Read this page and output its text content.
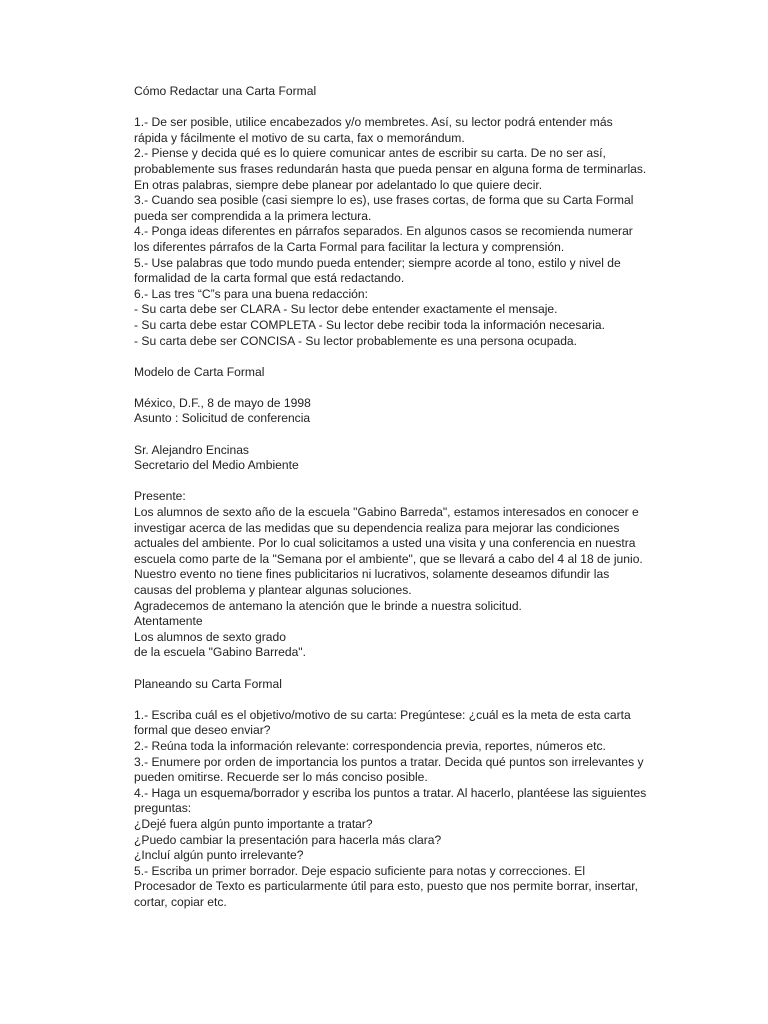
Cómo Redactar una Carta Formal
1.- De ser posible, utilice encabezados y/o membretes. Así, su lector podrá entender más
rápida y fácilmente el motivo de su carta, fax o memorándum.
2.- Piense y decida qué es lo quiere comunicar antes de escribir su carta. De no ser así,
probablemente sus frases redundarán hasta que pueda pensar en alguna forma de terminarlas.
En otras palabras, siempre debe planear por adelantado lo que quiere decir.
3.- Cuando sea posible (casi siempre lo es), use frases cortas, de forma que su Carta Formal
pueda ser comprendida a la primera lectura.
4.- Ponga ideas diferentes en párrafos separados. En algunos casos se recomienda numerar
los diferentes párrafos de la Carta Formal para facilitar la lectura y comprensión.
5.- Use palabras que todo mundo pueda entender; siempre acorde al tono, estilo y nivel de
formalidad de la carta formal que está redactando.
6.- Las tres “C”s para una buena redacción:
- Su carta debe ser CLARA - Su lector debe entender exactamente el mensaje.
- Su carta debe estar COMPLETA - Su lector debe recibir toda la información necesaria.
- Su carta debe ser CONCISA - Su lector probablemente es una persona ocupada.
Modelo de Carta Formal
México, D.F., 8 de mayo de 1998
Asunto : Solicitud de conferencia
Sr. Alejandro Encinas
Secretario del Medio Ambiente
Presente:
Los alumnos de sexto año de la escuela "Gabino Barreda", estamos interesados en conocer e
investigar acerca de las medidas que su dependencia realiza para mejorar las condiciones
actuales del ambiente. Por lo cual solicitamos a usted una visita y una conferencia en nuestra
escuela como parte de la "Semana por el ambiente", que se llevará a cabo del 4 al 18 de junio.
Nuestro evento no tiene fines publicitarios ni lucrativos, solamente deseamos difundir las
causas del problema y plantear algunas soluciones.
Agradecemos de antemano la atención que le brinde a nuestra solicitud.
Atentamente
Los alumnos de sexto grado
de la escuela "Gabino Barreda".
Planeando su Carta Formal
1.- Escriba cuál es el objetivo/motivo de su carta: Pregúntese: ¿cuál es la meta de esta carta
formal que deseo enviar?
2.- Reúna toda la información relevante: correspondencia previa, reportes, números etc.
3.- Enumere por orden de importancia los puntos a tratar. Decida qué puntos son irrelevantes y
pueden omitirse. Recuerde ser lo más conciso posible.
4.- Haga un esquema/borrador y escriba los puntos a tratar. Al hacerlo, plantéese las siguientes
preguntas:
¿Dejé fuera algún punto importante a tratar?
¿Puedo cambiar la presentación para hacerla más clara?
¿Incluí algún punto irrelevante?
5.- Escriba un primer borrador. Deje espacio suficiente para notas y correcciones. El
Procesador de Texto es particularmente útil para esto, puesto que nos permite borrar, insertar,
cortar, copiar etc.
